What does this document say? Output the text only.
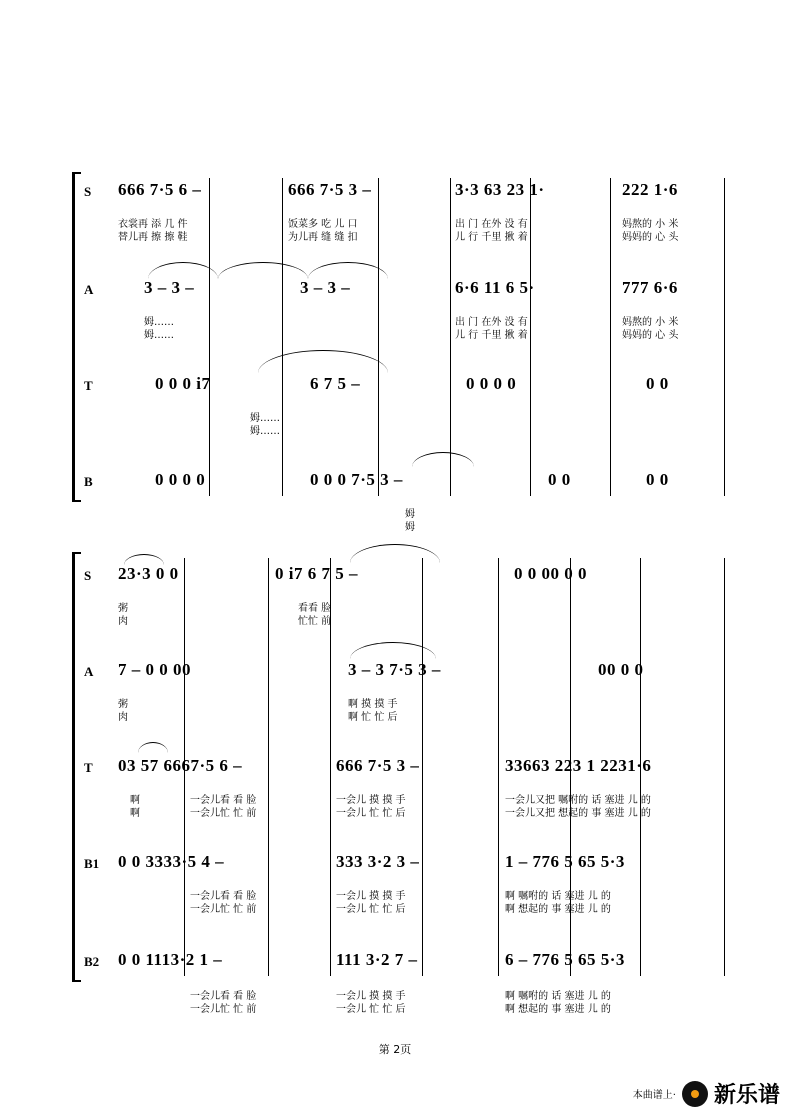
S 666 7·5 6 –	666 7·5 3 –	3·3 63 23 1·	222 1·6
衣裳再 添 几 件
替儿再 擦 擦 鞋
饭菜多 吃 儿 口
为儿再 缝 缝 扣
出 门 在外 没 有
儿 行 千里 揪 着
妈熬的 小 米
妈妈的 心 头
A	3 – 3 –	3 – 3 –	6·6 11 6 5·	777 6·6
姆……
姆……
出 门 在外 没 有
儿 行 千里 揪 着
妈熬的 小 米
妈妈的 心 头
T	0 0 0 i7	6 7 5 –	0 0 0 0	0 0
姆……
姆……
B	0 0 0 0	0 0 0 7·5 3 –	0 0	0 0
姆
姆
S 23·3 0 0	0 i7 6 7 5 –	0 0 00 0 0
粥
肉
看看 脸
忙忙 前
A 7 – 0 0 00	3 – 3 7·5 3 –	00 0 0
粥
肉
啊 摸 摸 手
啊 忙 忙 后
T 03 57 6667·5 6 –	666 7·5 3 –	33663 223 1 2231·6
啊
啊
一会儿看 看 脸
一会儿忙 忙 前
一会儿 摸 摸 手
一会儿 忙 忙 后
一会儿又把 嘱咐的 话 塞进 儿 的
一会儿又把 想起的 事 塞进 儿 的
B1 0 0 3333·5 4 –	333 3·2 3 –	1 – 776 5 65 5·3
一会儿看 看 脸
一会儿忙 忙 前
一会儿 摸 摸 手
一会儿 忙 忙 后
啊 嘱咐的 话 塞进 儿 的
啊 想起的 事 塞进 儿 的
B2 0 0 1113·2 1 –	111 3·2 7 –	6 – 776 5 65 5·3
一会儿看 看 脸
一会儿忙 忙 前
一会儿 摸 摸 手
一会儿 忙 忙 后
啊 嘱咐的 话 塞进 儿 的
啊 想起的 事 塞进 儿 的
第 2页
本曲谱上· 新乐谱
